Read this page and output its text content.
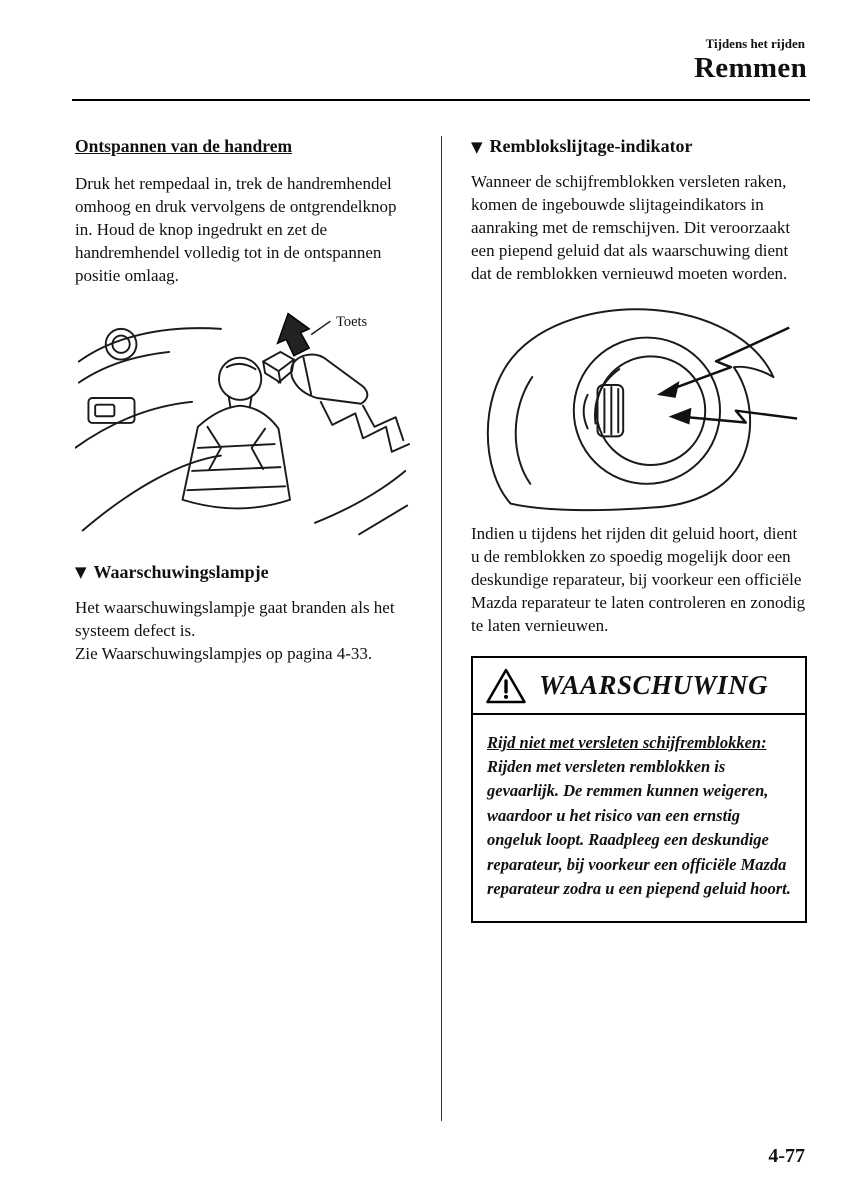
Tijdens het rijden
Remmen
Ontspannen van de handrem

Druk het rempedaal in, trek de handremhendel omhoog en druk vervolgens de ontgrendelknop in. Houd de knop ingedrukt en zet de handremhendel volledig tot in de ontspannen positie omlaag.

Toets
▼ Waarschuwingslampje

Het waarschuwingslampje gaat branden als het systeem defect is.

Zie Waarschuwingslampjes op pagina 4-33.

▼ Remblokslijtage-indikator

Wanneer de schijfremblokken versleten raken, komen de ingebouwde slijtageindikators in aanraking met de remschijven. Dit veroorzaakt een piepend geluid dat als waarschuwing dient dat de remblokken vernieuwd moeten worden.

Indien u tijdens het rijden dit geluid hoort, dient u de remblokken zo spoedig mogelijk door een deskundige reparateur, bij voorkeur een officiële Mazda reparateur te laten controleren en zonodig te laten vernieuwen.

WAARSCHUWING
Rijd niet met versleten schijfremblokken:
Rijden met versleten remblokken is gevaarlijk. De remmen kunnen weigeren, waardoor u het risico van een ernstig ongeluk loopt. Raadpleeg een deskundige reparateur, bij voorkeur een officiële Mazda reparateur zodra u een piepend geluid hoort.
4-77
